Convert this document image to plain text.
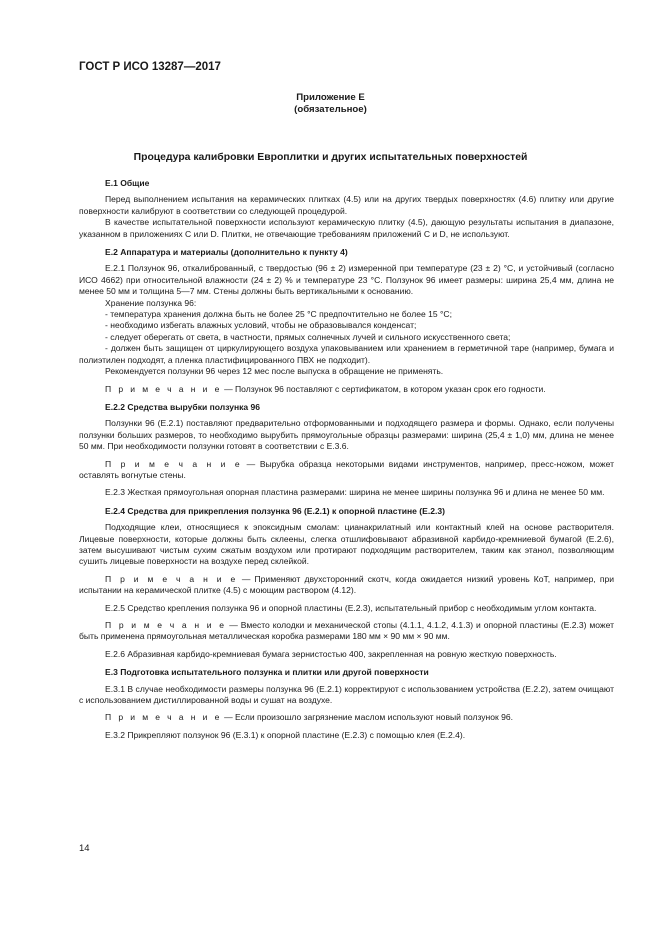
ГОСТ Р ИСО 13287—2017
Приложение Е
(обязательное)
Процедура калибровки Европлитки и других испытательных поверхностей

Е.1 Общие

Перед выполнением испытания на керамических плитках (4.5) или на других твердых поверхностях (4.6) плитку или другие поверхности калибруют в соответствии со следующей процедурой.

В качестве испытательной поверхности используют керамическую плитку (4.5), дающую результаты испытания в диапазоне, указанном в приложениях С или D. Плитки, не отвечающие требованиям приложений С и D, не используют.

Е.2 Аппаратура и материалы (дополнительно к пункту 4)

Е.2.1 Ползунок 96, откалиброванный, с твердостью (96 ± 2) измеренной при температуре (23 ± 2) °С, и устойчивый (согласно ИСО 4662) при относительной влажности (24 ± 2) % и температуре 23 °С. Ползунок 96 имеет размеры: ширина 25,4 мм, длина не менее 50 мм и толщина 5—7 мм. Стены должны быть вертикальными к основанию.

Хранение ползунка 96:

- температура хранения должна быть не более 25 °С предпочтительно не более 15 °С;

- необходимо избегать влажных условий, чтобы не образовывался конденсат;

- следует оберегать от света, в частности, прямых солнечных лучей и сильного искусственного света;

- должен быть защищен от циркулирующего воздуха упаковыванием или хранением в герметичной таре (например, бумага и полиэтилен подходят, а пленка пластифицированного ПВХ не подходит).

Рекомендуется ползунки 96 через 12 мес после выпуска в обращение не применять.

П р и м е ч а н и е — Ползунок 96 поставляют с сертификатом, в котором указан срок его годности.

Е.2.2 Средства вырубки ползунка 96

Ползунки 96 (Е.2.1) поставляют предварительно отформованными и подходящего размера и формы. Однако, если получены ползунки больших размеров, то необходимо вырубить прямоугольные образцы размерами: ширина (25,4 ± 1,0) мм, длина не менее 50 мм. При необходимости ползунки готовят в соответствии с Е.3.6.

П р и м е ч а н и е — Вырубка образца некоторыми видами инструментов, например, пресс-ножом, может оставлять вогнутые стены.

Е.2.3 Жесткая прямоугольная опорная пластина размерами: ширина не менее ширины ползунка 96 и длина не менее 50 мм.

Е.2.4 Средства для прикрепления ползунка 96 (Е.2.1) к опорной пластине (Е.2.3)

Подходящие клеи, относящиеся к эпоксидным смолам: цианакрилатный или контактный клей на основе растворителя. Лицевые поверхности, которые должны быть склеены, слегка отшлифовывают абразивной карбидо-кремниевой бумагой (Е.2.6), затем высушивают чистым сухим сжатым воздухом или протирают подходящим растворителем, таким как этанол, позволяющим сушить лицевые поверхности на воздухе перед склейкой.

П р и м е ч а н и е — Применяют двухсторонний скотч, когда ожидается низкий уровень КоТ, например, при испытании на керамической плитке (4.5) с моющим раствором (4.12).

Е.2.5 Средство крепления ползунка 96 и опорной пластины (Е.2.3), испытательный прибор с необходимым углом контакта.

П р и м е ч а н и е — Вместо колодки и механической стопы (4.1.1, 4.1.2, 4.1.3) и опорной пластины (Е.2.3) может быть применена прямоугольная металлическая коробка размерами 180 мм × 90 мм × 90 мм.

Е.2.6 Абразивная карбидо-кремниевая бумага зернистостью 400, закрепленная на ровную жесткую поверхность.

Е.3 Подготовка испытательного ползунка и плитки или другой поверхности

Е.3.1 В случае необходимости размеры ползунка 96 (Е.2.1) корректируют с использованием устройства (Е.2.2), затем очищают с использованием дистиллированной воды и сушат на воздухе.

П р и м е ч а н и е — Если произошло загрязнение маслом используют новый ползунок 96.

Е.3.2 Прикрепляют ползунок 96 (Е.3.1) к опорной пластине (Е.2.3) с помощью клея (Е.2.4).

14
